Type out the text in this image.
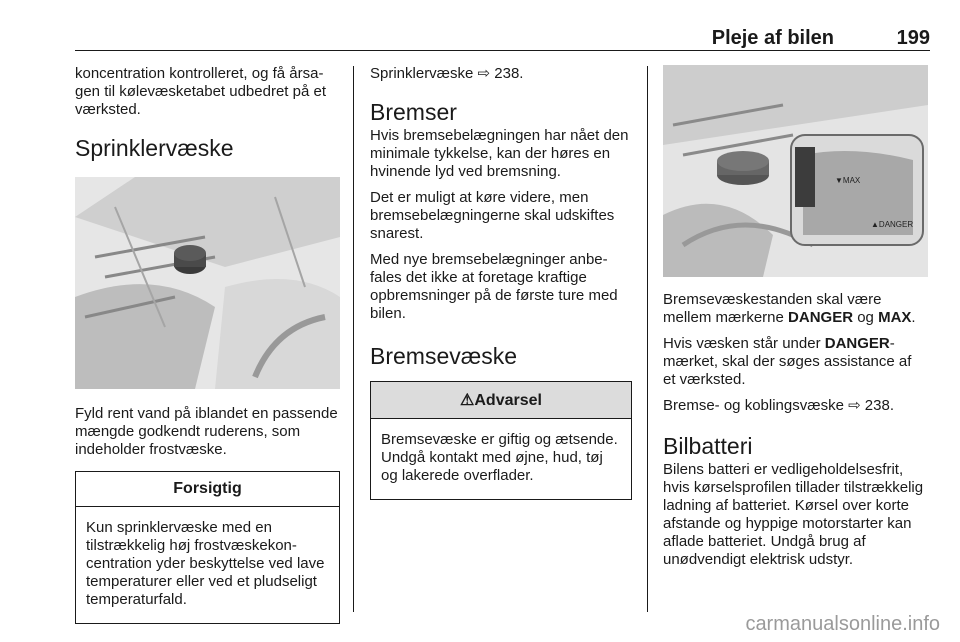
Pleje af bilen	199

koncentration kontrolleret, og få årsagen til kølevæsketabet udbedret på et værksted.

Sprinklervæske

Fyld rent vand på iblandet en passende mængde godkendt ruderens, som indeholder frostvæske.

Forsigtig

Kun sprinklervæske med en tilstrækkelig høj frostvæskekoncentration yder beskyttelse ved lave temperaturer eller ved et pludseligt temperaturfald.

Sprinklervæske ⇨ 238.

Bremser

Hvis bremsebelægningen har nået den minimale tykkelse, kan der høres en hvinende lyd ved bremsning.

Det er muligt at køre videre, men bremsebelægningerne skal udskiftes snarest.

Med nye bremsebelægninger anbefales det ikke at foretage kraftige opbremsninger på de første ture med bilen.

Bremsevæske
⚠Advarsel

Bremsevæske er giftig og ætsende. Undgå kontakt med øjne, hud, tøj og lakerede overflader.

▼MAX
▲DANGER

Bremsevæskestanden skal være mellem mærkerne DANGER og MAX.

Hvis væsken står under DANGER-mærket, skal der søges assistance af et værksted.

Bremse- og koblingsvæske ⇨ 238.

Bilbatteri

Bilens batteri er vedligeholdelsesfrit, hvis kørselsprofilen tillader tilstrækkelig ladning af batteriet. Kørsel over korte afstande og hyppige motorstarter kan aflade batteriet. Undgå brug af unødvendigt elektrisk udstyr.

carmanualsonline.info
